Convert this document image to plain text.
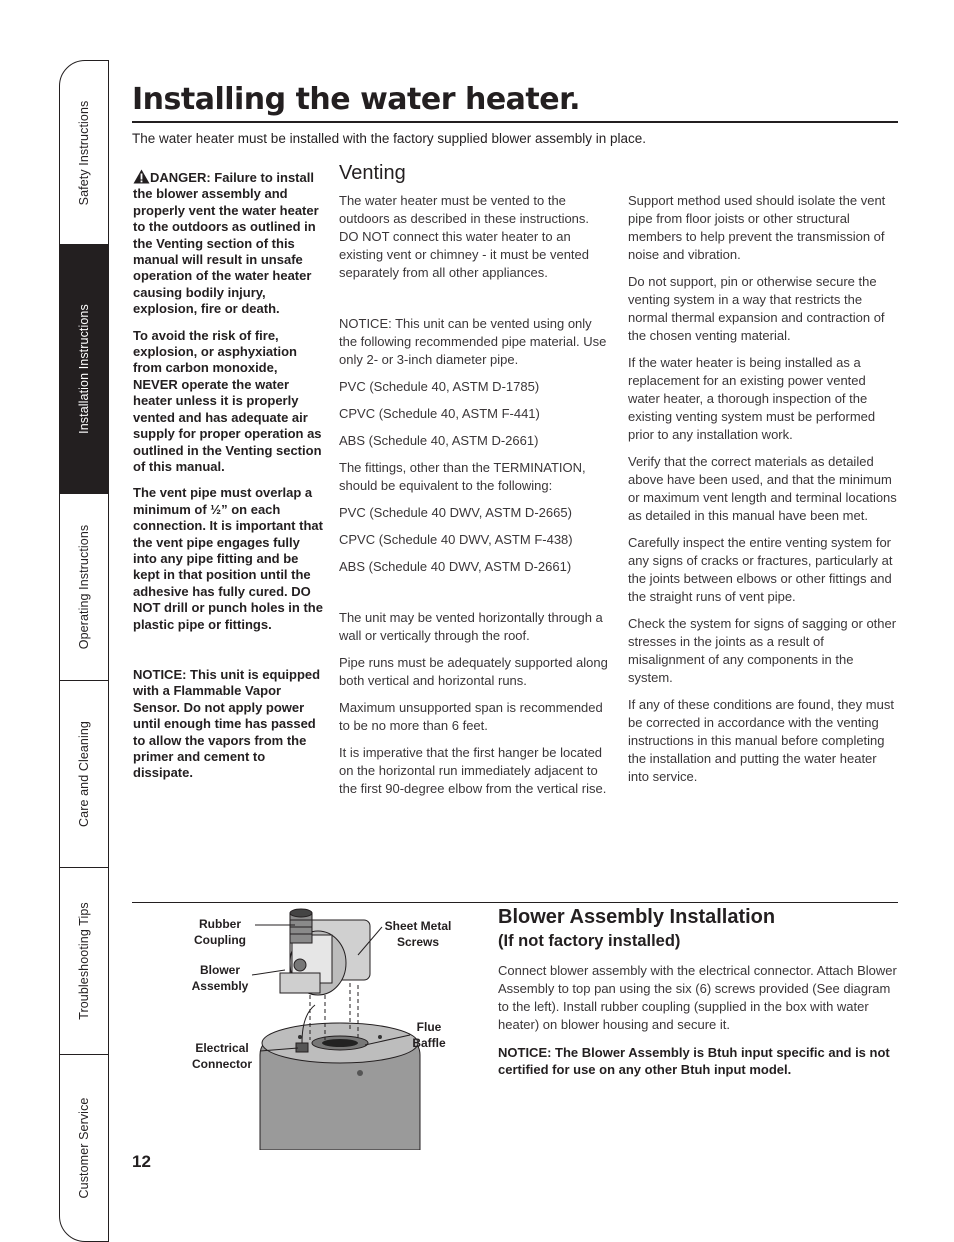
Safety Instructions
Installation Instructions
Operating Instructions
Care and Cleaning
Troubleshooting Tips
Customer Service
Installing the water heater.
The water heater must be installed with the factory supplied blower assembly in place.

DANGER: Failure to install the blower assembly and properly vent the water heater to the outdoors as outlined in the Venting section of this manual will result in unsafe operation of the water heater causing bodily injury, explosion, fire or death.

To avoid the risk of fire, explosion, or asphyxiation from carbon monoxide, NEVER operate the water heater unless it is properly vented and has adequate air supply for proper operation as outlined in the Venting section of this manual.

The vent pipe must overlap a minimum of ½” on each connection. It is important that the vent pipe engages fully into any pipe fitting and be kept in that position until the adhesive has fully cured. DO NOT drill or punch holes in the plastic pipe or fittings.

NOTICE: This unit is equipped with a Flammable Vapor Sensor. Do not apply power until enough time has passed to allow the vapors from the primer and cement to dissipate.

Venting

The water heater must be vented to the outdoors as described in these instructions. DO NOT connect this water heater to an existing vent or chimney - it must be vented separately from all other appliances.

NOTICE: This unit can be vented using only the following recommended pipe material. Use only 2- or 3-inch diameter pipe.

PVC (Schedule 40, ASTM D-1785)

CPVC (Schedule 40, ASTM F-441)

ABS (Schedule 40, ASTM D-2661)

The fittings, other than the TERMINATION, should be equivalent to the following:

PVC (Schedule 40 DWV, ASTM D-2665)

CPVC (Schedule 40 DWV, ASTM F-438)

ABS (Schedule 40 DWV, ASTM D-2661)

The unit may be vented horizontally through a wall or vertically through the roof.

Pipe runs must be adequately supported along both vertical and horizontal runs.

Maximum unsupported span is recommended to be no more than 6 feet.

It is imperative that the first hanger be located on the horizontal run immediately adjacent to the first 90-degree elbow from the vertical rise.

Support method used should isolate the vent pipe from floor joists or other structural members to help prevent the transmission of noise and vibration.

Do not support, pin or otherwise secure the venting system in a way that restricts the normal thermal expansion and contraction of the chosen venting material.

If the water heater is being installed as a replacement for an existing power vented water heater, a thorough inspection of the existing venting system must be performed prior to any installation work.

Verify that the correct materials as detailed above have been used, and that the minimum or maximum vent length and terminal locations as detailed in this manual have been met.

Carefully inspect the entire venting system for any signs of cracks or fractures, particularly at the joints between elbows or other fittings and the straight runs of vent pipe.

Check the system for signs of sagging or other stresses in the joints as a result of misalignment of any components in the system.

If any of these conditions are found, they must be corrected in accordance with the venting instructions in this manual before completing the installation and putting the water heater into service.

Rubber Coupling
Blower Assembly
Electrical Connector
Sheet Metal Screws
Flue Baffle
Blower Assembly Installation
(If not factory installed)
Connect blower assembly with the electrical connector. Attach Blower Assembly to top pan using the six (6) screws provided (See diagram to the left). Install rubber coupling (supplied in the box with water heater) on blower housing and secure it.
NOTICE: The Blower Assembly is Btuh input specific and is not certified for use on any other Btuh input model.
12
